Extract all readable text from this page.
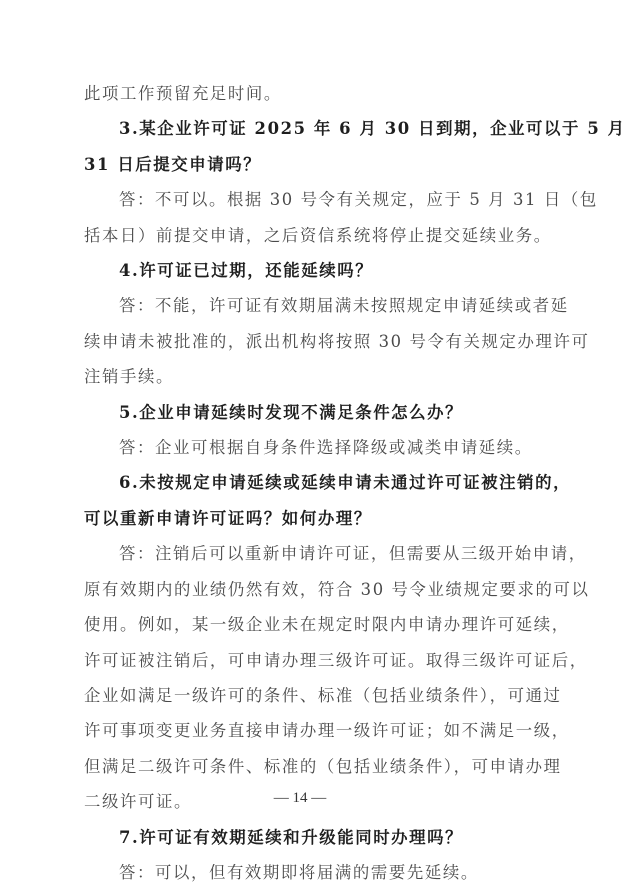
此项工作预留充足时间。
3.某企业许可证 2025 年 6 月 30 日到期，企业可以于 5 月
31 日后提交申请吗？
答：不可以。根据 30 号令有关规定，应于 5 月 31 日（包
括本日）前提交申请，之后资信系统将停止提交延续业务。
4.许可证已过期，还能延续吗？
答：不能，许可证有效期届满未按照规定申请延续或者延
续申请未被批准的，派出机构将按照 30 号令有关规定办理许可
注销手续。
5.企业申请延续时发现不满足条件怎么办？
答：企业可根据自身条件选择降级或减类申请延续。
6.未按规定申请延续或延续申请未通过许可证被注销的，
可以重新申请许可证吗？如何办理？
答：注销后可以重新申请许可证，但需要从三级开始申请，
原有效期内的业绩仍然有效，符合 30 号令业绩规定要求的可以
使用。例如，某一级企业未在规定时限内申请办理许可延续，
许可证被注销后，可申请办理三级许可证。取得三级许可证后，
企业如满足一级许可的条件、标准（包括业绩条件），可通过
许可事项变更业务直接申请办理一级许可证；如不满足一级，
但满足二级许可条件、标准的（包括业绩条件），可申请办理
二级许可证。
7.许可证有效期延续和升级能同时办理吗？
答：可以，但有效期即将届满的需要先延续。

— 14 —
